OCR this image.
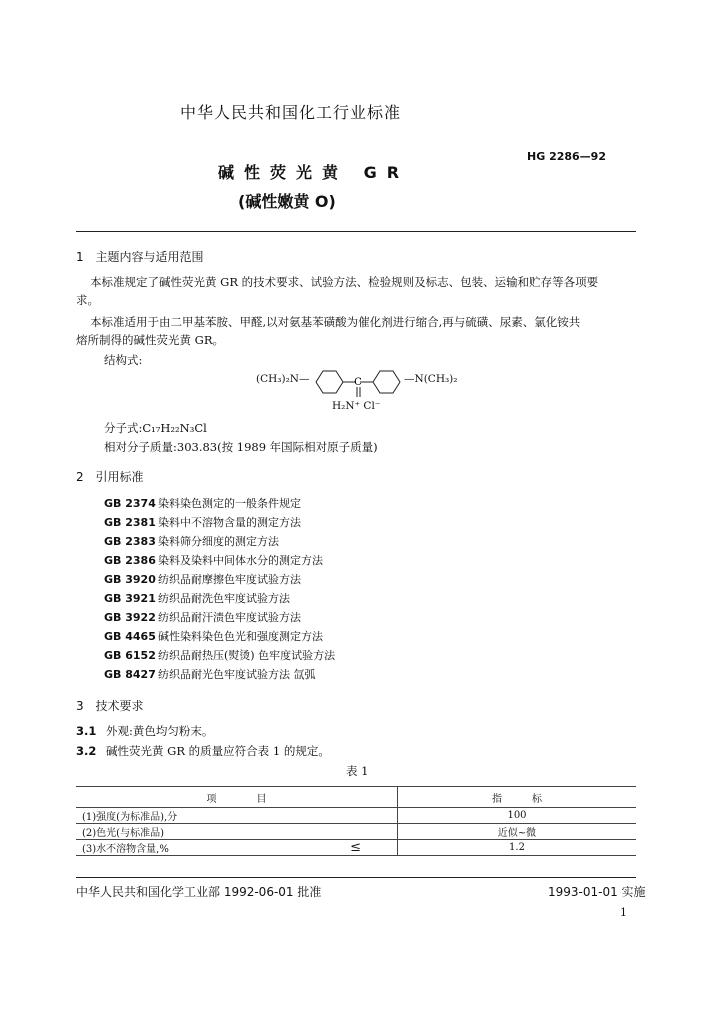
中华人民共和国化工行业标准
HG 2286—92
碱性荧光黄 GR
(碱性嫩黄 O)
1 主题内容与适用范围
本标准规定了碱性荧光黄 GR 的技术要求、试验方法、检验规则及标志、包装、运输和贮存等各项要
求。
本标准适用于由二甲基苯胺、甲醛,以对氨基苯磺酸为催化剂进行缩合,再与硫磺、尿素、氯化铵共
熔所制得的碱性荧光黄 GR。
结构式:
(CH₃)₂N—	C	—N(CH₃)₂
H₂N⁺ Cl⁻
分子式:C₁₇H₂₂N₃Cl
相对分子质量:303.83(按 1989 年国际相对原子质量)
2 引用标准
GB 2374 染料染色测定的一般条件规定
GB 2381 染料中不溶物含量的测定方法
GB 2383 染料筛分细度的测定方法
GB 2386 染料及染料中间体水分的测定方法
GB 3920 纺织品耐摩擦色牢度试验方法
GB 3921 纺织品耐洗色牢度试验方法
GB 3922 纺织品耐汗渍色牢度试验方法
GB 4465 碱性染料染色色光和强度测定方法
GB 6152 纺织品耐热压(熨烫) 色牢度试验方法
GB 8427 纺织品耐光色牢度试验方法 氙弧
3 技术要求
3.1 外观:黄色均匀粉末。
3.2 碱性荧光黄 GR 的质量应符合表 1 的规定。
表 1
项　　　　目	指　　　标
(1)强度(为标准品),分	100
(2)色光(与标准品)	近似~微
(3)水不溶物含量,% ≤	1.2
中华人民共和国化学工业部 1992-06-01 批准	1993-01-01 实施
1
